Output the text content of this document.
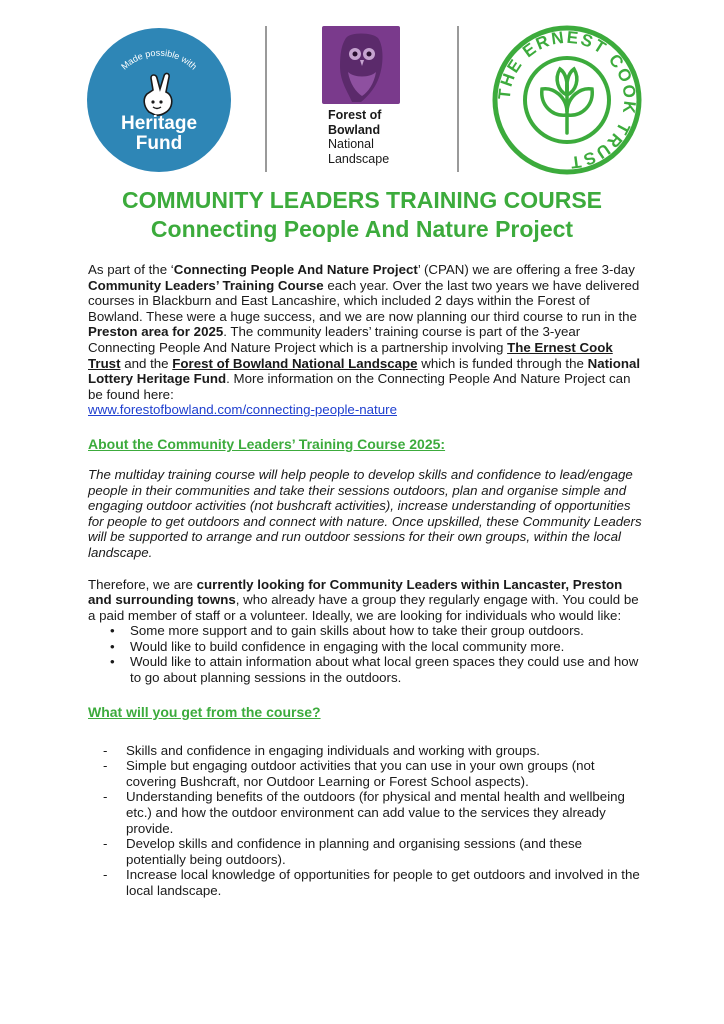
Made possible with
Heritage
Fund
Forest of
Bowland
National
Landscape
THE ERNEST COOK TRUST
COMMUNITY LEADERS TRAINING COURSE
Connecting People And Nature Project

As part of the ‘Connecting People And Nature Project’ (CPAN) we are offering a free 3-day Community Leaders’ Training Course each year. Over the last two years we have delivered courses in Blackburn and East Lancashire, which included 2 days within the Forest of Bowland. These were a huge success, and we are now planning our third course to run in the Preston area for 2025. The community leaders’ training course is part of the 3-year Connecting People And Nature Project which is a partnership involving The Ernest Cook Trust and the Forest of Bowland National Landscape which is funded through the National Lottery Heritage Fund. More information on the Connecting People And Nature Project can be found here:
www.forestofbowland.com/connecting-people-nature

About the Community Leaders’ Training Course 2025:

The multiday training course will help people to develop skills and confidence to lead/engage people in their communities and take their sessions outdoors, plan and organise simple and engaging outdoor activities (not bushcraft activities), increase understanding of opportunities for people to get outdoors and connect with nature. Once upskilled, these Community Leaders will be supported to arrange and run outdoor sessions for their own groups, within the local landscape.

Therefore, we are currently looking for Community Leaders within Lancaster, Preston and surrounding towns, who already have a group they regularly engage with. You could be a paid member of staff or a volunteer. Ideally, we are looking for individuals who would like:

• Some more support and to gain skills about how to take their group outdoors.
• Would like to build confidence in engaging with the local community more.
• Would like to attain information about what local green spaces they could use and how to go about planning sessions in the outdoors.
What will you get from the course?
- Skills and confidence in engaging individuals and working with groups.
- Simple but engaging outdoor activities that you can use in your own groups (not covering Bushcraft, nor Outdoor Learning or Forest School aspects).
- Understanding benefits of the outdoors (for physical and mental health and wellbeing etc.) and how the outdoor environment can add value to the services they already provide.
- Develop skills and confidence in planning and organising sessions (and these potentially being outdoors).
- Increase local knowledge of opportunities for people to get outdoors and involved in the local landscape.
